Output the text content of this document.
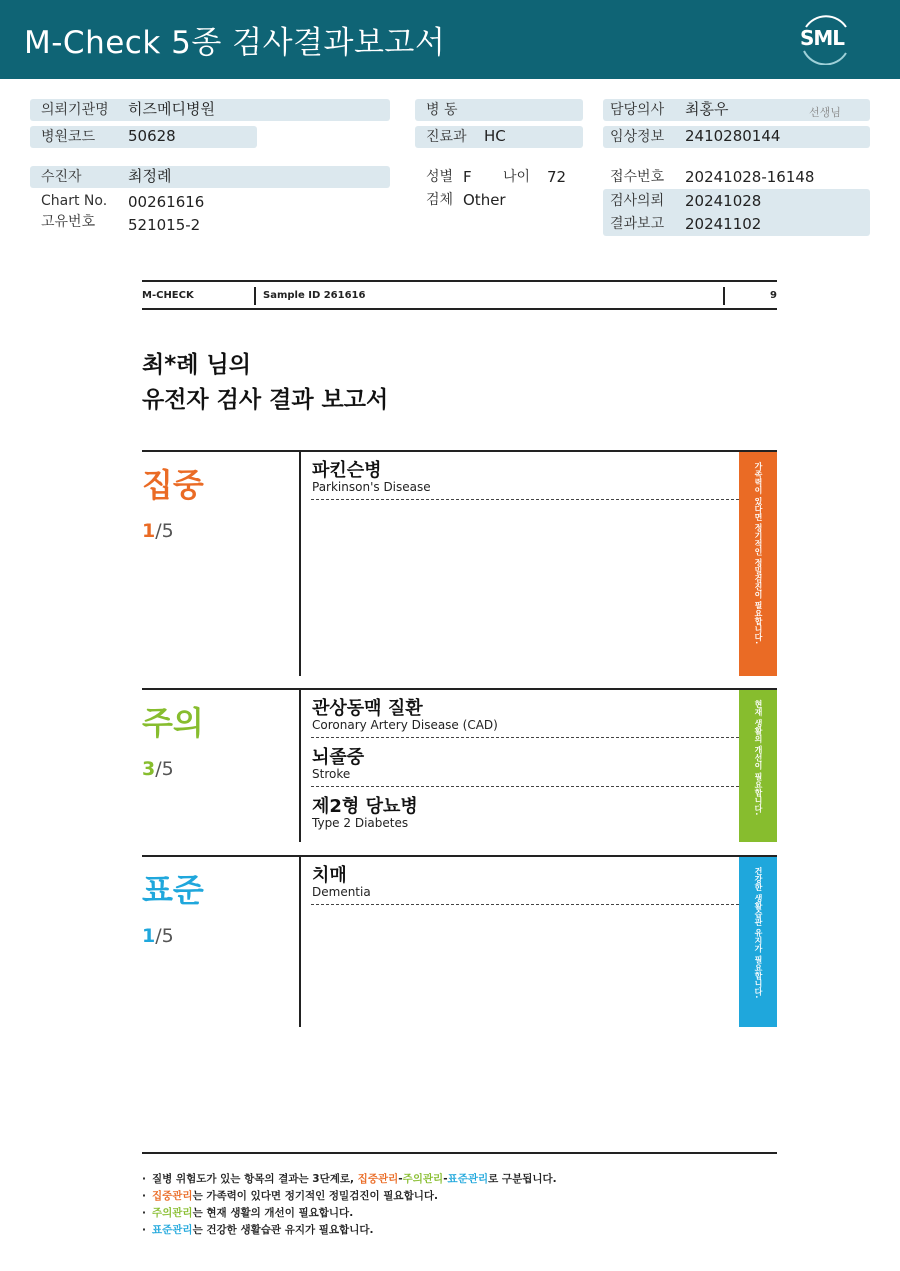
M-Check 5종 검사결과보고서	SML
의뢰기관명 히즈메디병원
병원코드 50628
수진자	최정례
Chart No. 00261616
고유번호 521015-2
병 동
진료과 HC
성별 F 나이 72
검체 Other
담당의사 최홍우	선생님
임상정보 2410280144
접수번호 20241028-16148
검사의뢰 20241028
결과보고 20241102
M-CHECK	Sample ID 261616	9
최*례 님의
유전자 검사 결과 보고서
집중
1/5	가족력이 있다면 정기적인 정밀검진이 필요합니다.
파킨슨병
Parkinson's Disease
주의
3/5	현재 생활의 개선이 필요합니다.
관상동맥 질환
Coronary Artery Disease (CAD)
뇌졸중
Stroke
제2형 당뇨병
Type 2 Diabetes
표준
1/5	건강한 생활습관 유지가 필요합니다.
치매
Dementia
· 질병 위험도가 있는 항목의 결과는 3단계로, 집중관리-주의관리-표준관리로 구분됩니다.
· 집중관리는 가족력이 있다면 정기적인 정밀검진이 필요합니다.
· 주의관리는 현재 생활의 개선이 필요합니다.
· 표준관리는 건강한 생활습관 유지가 필요합니다.
